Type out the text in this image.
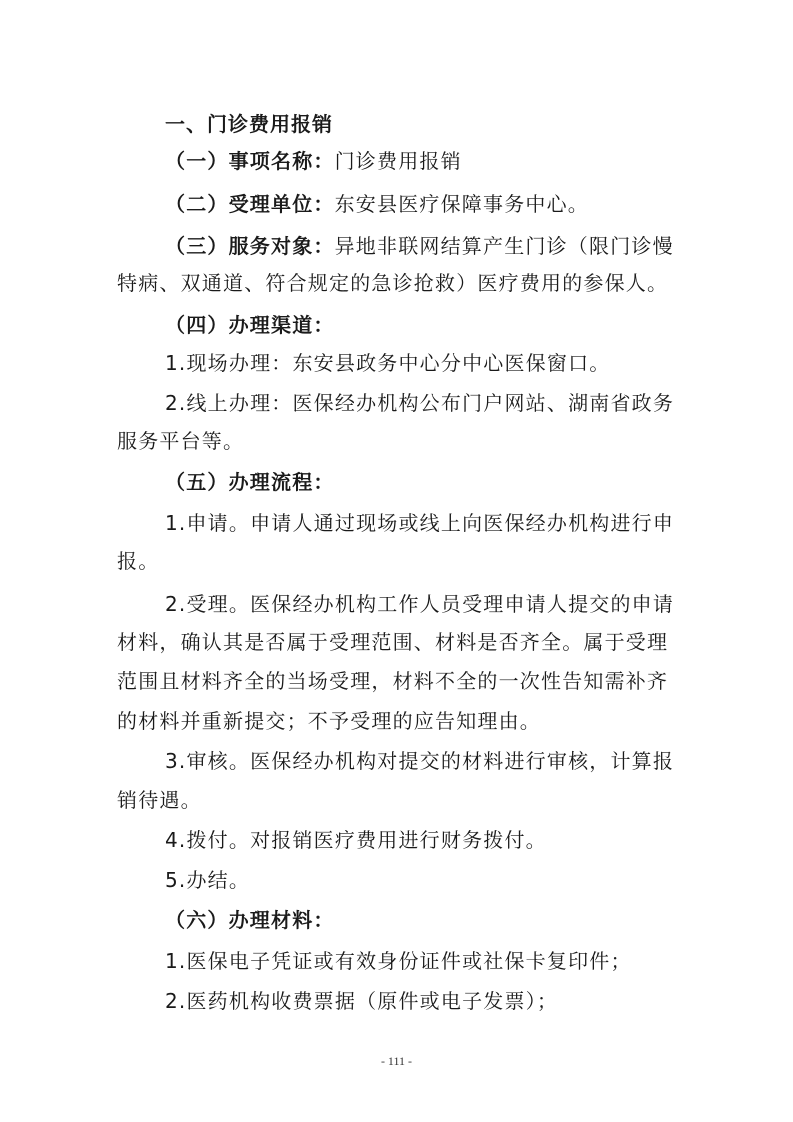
一、门诊费用报销
（一）事项名称：门诊费用报销
（二）受理单位：东安县医疗保障事务中心。
（三）服务对象：异地非联网结算产生门诊（限门诊慢
特病、双通道、符合规定的急诊抢救）医疗费用的参保人。
（四）办理渠道：
1.现场办理：东安县政务中心分中心医保窗口。
2.线上办理：医保经办机构公布门户网站、湖南省政务
服务平台等。
（五）办理流程：
1.申请。申请人通过现场或线上向医保经办机构进行申
报。
2.受理。医保经办机构工作人员受理申请人提交的申请
材料，确认其是否属于受理范围、材料是否齐全。属于受理
范围且材料齐全的当场受理，材料不全的一次性告知需补齐
的材料并重新提交；不予受理的应告知理由。
3.审核。医保经办机构对提交的材料进行审核，计算报
销待遇。
4.拨付。对报销医疗费用进行财务拨付。
5.办结。
（六）办理材料：
1.医保电子凭证或有效身份证件或社保卡复印件；
2.医药机构收费票据（原件或电子发票）；
- 111 -
